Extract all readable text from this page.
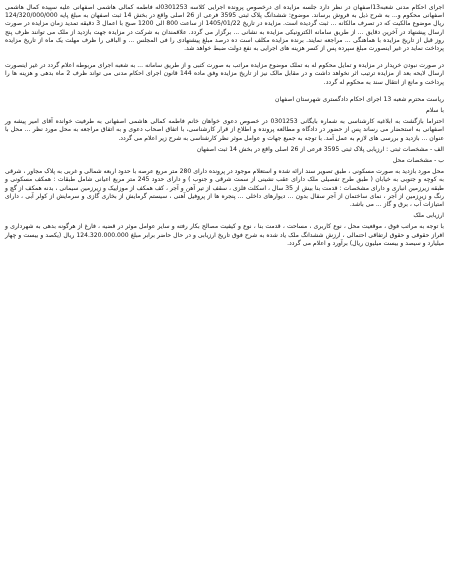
اجرای احکام مدنی شعبه13اصفهان در نظر دارد جلسه مزایده ای درخصوص پرونده اجرایی کلاسه 0301253له فاطمه کمالی هاشمی اصفهانی علیه سپیده کمال هاشمی اصفهانی محکوم و... به شرح ذیل به فروش برساند. موضوع: ششدانگ پلاک ثبتی 3595 فرعی از 26 اصلی واقع در بخش 14 ثبت اصفهان به مبلغ پایه 124/320/000/000 ریال موضوع مالکیت که در تصرف مالکانه ... ثبت گردیده است. مزایده در تاریخ 1405/01/22 از ساعت 800 الی 1200 صبح با اعمال 3 دقیقه تمدید زمان مزایده در صورت ارسال پیشنهاد در آخرین دقایق ... از طریق سامانه الکترونیکی مزایده به نشانی ... برگزار می گردد. علاقمندان به شرکت در مزایده جهت بازدید از ملک می توانند ظرف پنج روز قبل از تاریخ مزایده با هماهنگی ... مراجعه نمایند. برنده مزایده مکلف است ده درصد مبلغ پیشنهادی را فی المجلس ... و الباقی را ظرف مهلت یک ماه از تاریخ مزایده پرداخت نماید در غیر اینصورت مبلغ سپرده پس از کسر هزینه های اجرایی به نفع دولت ضبط خواهد شد.

در صورت نبودن خریدار در مزایده و تمایل محکوم له به تملک موضوع مزایده مراتب به صورت کتبی و از طریق سامانه ... به شعبه اجرای مربوطه اعلام گردد در غیر اینصورت ارسال لایحه بعد از مزایده ترتیب اثر نخواهد داشت و در مقابل مالک نیز از تاریخ مزایده وفق ماده 144 قانون اجرای احکام مدنی می تواند ظرف 2 ماه بدهی و هزینه ها را پرداخت و مانع از انتقال سند به محکوم له گردد.

ریاست محترم شعبه 13 اجرای احکام دادگستری شهرستان اصفهان
با سلام

احتراما بازگشت به ابلاغیه کارشناسی به شماره بایگانی 0301253 در خصوص دعوی خواهان خانم فاطمه کمالی هاشمی اصفهانی به طرفیت خوانده آقای امیر پیشه ور اصفهانی به استحضار می رساند پس از حضور در دادگاه و مطالعه پرونده و اطلاع از قرار کارشناسی، با اتفاق اصحاب دعوی و به اتفاق مراجعه به محل مورد نظر ... محل با عنوان ... بازدید و بررسی های لازم به عمل آمد. با توجه به جمیع جهات و عوامل موثر نظر کارشناسی به شرح زیر اعلام می گردد.

الف - مشخصات ثبتی : ارزیابی پلاک ثبتی 3595 فرعی از 26 اصلی واقع در بخش 14 ثبت اصفهان
ب - مشخصات محل

محل مورد بازدید به صورت مسکونی ، طبق تصویر سند ارائه شده و استعلام موجود در پرونده دارای 280 متر مربع عرصه با حدود اربعه شمالی و غربی به پلاک مجاور ، شرقی به کوچه و جنوبی به خیابان ( طبق طرح تفصیلی ملک دارای عقب نشینی از سمت شرقی و جنوب ) و دارای حدود 245 متر مربع اعیانی شامل طبقات : همکف مسکونی و طبقه زیرزمین انباری و دارای مشخصات : قدمت بنا بیش از 35 سال ، اسکلت فلزی ، سقف از تیر آهن و آجر ، کف همکف از موزاییک و زیرزمین سیمانی ، بدنه همکف از گچ و رنگ و زیرزمین از آجر ، نمای ساختمان از آجر سفال بدون ... دیوارهای داخلی ... پنجره ها از پروفیل آهنی ، سیستم گرمایش از بخاری گازی و سرمایش از کولر آبی ، دارای امتیازات آب ، برق و گاز ... می باشد.

ارزیابی ملک

با توجه به مراتب فوق ، موقعیت محل ، نوع کاربری ، مساحت ، قدمت بنا ، نوع و کیفیت مصالح بکار رفته و سایر عوامل موثر در قضیه ، فارغ از هرگونه بدهی به شهرداری و افراز حقوقی و حقوق ارتفاقی احتمالی ، ارزش ششدانگ ملک یاد شده به شرح فوق تاریخ ارزیابی و در حال حاضر برابر مبلغ 124.320.000.000 ریال (یکصد و بیست و چهار میلیارد و سیصد و بیست میلیون ریال) برآورد و اعلام می گردد.
